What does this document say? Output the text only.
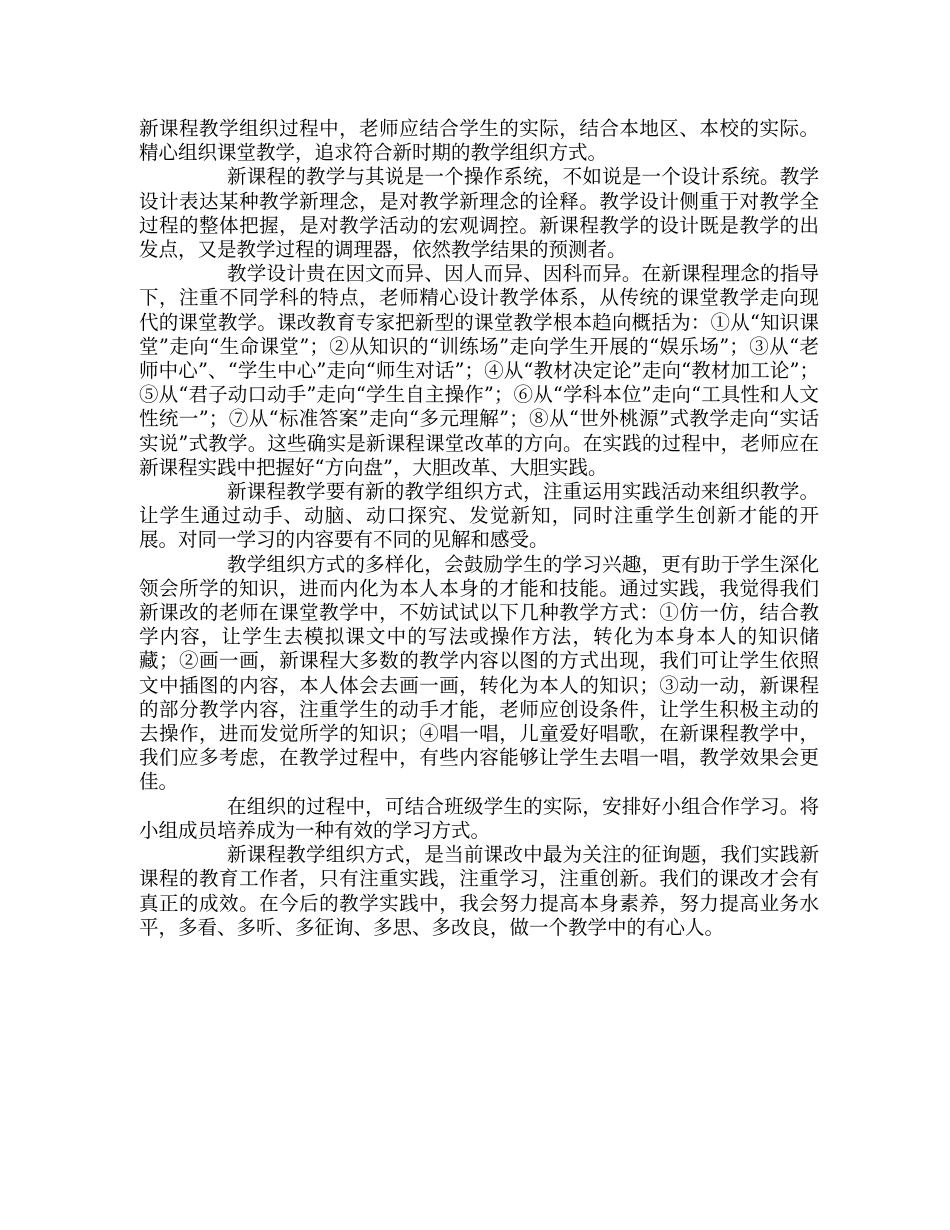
新课程教学组织过程中，老师应结合学生的实际，结合本地区、本校的实际。精心组织课堂教学，追求符合新时期的教学组织方式。

新课程的教学与其说是一个操作系统，不如说是一个设计系统。教学设计表达某种教学新理念，是对教学新理念的诠释。教学设计侧重于对教学全过程的整体把握，是对教学活动的宏观调控。新课程教学的设计既是教学的出发点，又是教学过程的调理器，依然教学结果的预测者。

教学设计贵在因文而异、因人而异、因科而异。在新课程理念的指导下，注重不同学科的特点，老师精心设计教学体系，从传统的课堂教学走向现代的课堂教学。课改教育专家把新型的课堂教学根本趋向概括为：①从“知识课堂”走向“生命课堂”；②从知识的“训练场”走向学生开展的“娱乐场”；③从“老师中心”、“学生中心”走向“师生对话”；④从“教材决定论”走向“教材加工论”；⑤从“君子动口动手”走向“学生自主操作”；⑥从“学科本位”走向“工具性和人文性统一”；⑦从“标准答案”走向“多元理解”；⑧从“世外桃源”式教学走向“实话实说”式教学。这些确实是新课程课堂改革的方向。在实践的过程中，老师应在新课程实践中把握好“方向盘”，大胆改革、大胆实践。

新课程教学要有新的教学组织方式，注重运用实践活动来组织教学。让学生通过动手、动脑、动口探究、发觉新知，同时注重学生创新才能的开展。对同一学习的内容要有不同的见解和感受。

教学组织方式的多样化，会鼓励学生的学习兴趣，更有助于学生深化领会所学的知识，进而内化为本人本身的才能和技能。通过实践，我觉得我们新课改的老师在课堂教学中，不妨试试以下几种教学方式：①仿一仿，结合教学内容，让学生去模拟课文中的写法或操作方法，转化为本身本人的知识储藏；②画一画，新课程大多数的教学内容以图的方式出现，我们可让学生依照文中插图的内容，本人体会去画一画，转化为本人的知识；③动一动，新课程的部分教学内容，注重学生的动手才能，老师应创设条件，让学生积极主动的去操作，进而发觉所学的知识；④唱一唱，儿童爱好唱歌，在新课程教学中，我们应多考虑，在教学过程中，有些内容能够让学生去唱一唱，教学效果会更佳。

在组织的过程中，可结合班级学生的实际，安排好小组合作学习。将小组成员培养成为一种有效的学习方式。

新课程教学组织方式，是当前课改中最为关注的征询题，我们实践新课程的教育工作者，只有注重实践，注重学习，注重创新。我们的课改才会有真正的成效。在今后的教学实践中，我会努力提高本身素养，努力提高业务水平，多看、多听、多征询、多思、多改良，做一个教学中的有心人。
